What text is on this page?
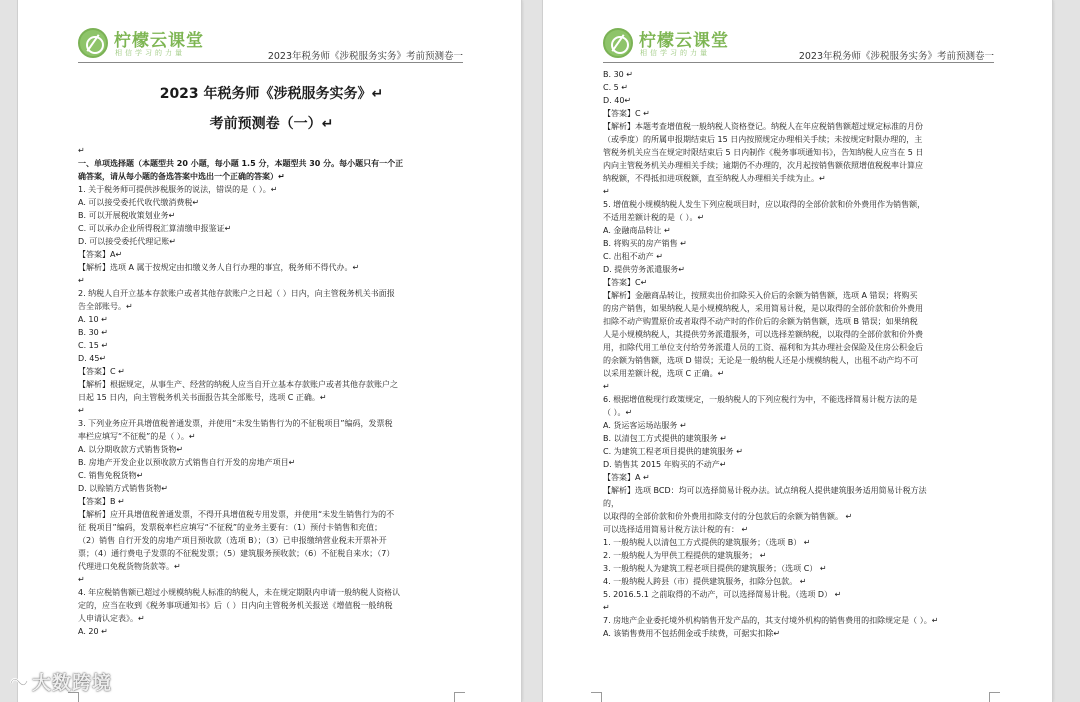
柠檬云课堂
相信学习的力量	2023年税务师《涉税服务实务》考前预测卷一
2023 年税务师《涉税服务实务》↵
考前预测卷（一）↵
↵
一、单项选择题（本题型共 20 小题，每小题 1.5 分，本题型共 30 分。每小题只有一个正
确答案，请从每小题的备选答案中选出一个正确的答案）↵
1. 关于税务师可提供涉税服务的说法，错误的是（ ）。↵
A. 可以接受委托代收代缴消费税↵
B. 可以开展税收策划业务↵
C. 可以承办企业所得税汇算清缴申报鉴证↵
D. 可以接受委托代理记账↵
【答案】A↵
【解析】选项 A 属于按规定由扣缴义务人自行办理的事宜，税务师不得代办。↵
↵
2. 纳税人自开立基本存款账户或者其他存款账户之日起（ ）日内，向主管税务机关书面报
告全部账号。↵
A. 10 ↵
B. 30 ↵
C. 15 ↵
D. 45↵
【答案】C ↵
【解析】根据规定，从事生产、经营的纳税人应当自开立基本存款账户或者其他存款账户之
日起 15 日内，向主管税务机关书面报告其全部账号，选项 C 正确。↵
↵
3. 下列业务应开具增值税普通发票，并使用“未发生销售行为的不征税项目”编码，发票税
率栏应填写“不征税”的是（ ）。↵
A. 以分期收款方式销售货物↵
B. 房地产开发企业以预收款方式销售自行开发的房地产项目↵
C. 销售免税货物↵
D. 以赊销方式销售货物↵
【答案】B ↵
【解析】应开具增值税普通发票，不得开具增值税专用发票，并使用“未发生销售行为的不
征 税项目”编码，发票税率栏应填写“不征税”的业务主要有：（1）预付卡销售和充值；
（2）销售 自行开发的房地产项目预收款（选项 B）；（3）已申报缴纳营业税未开票补开
票；（4）通行费电子发票的不征税发票；（5）建筑服务预收款；（6）不征税自来水；（7）
代理进口免税货物货款等。↵
↵
4. 年应税销售额已超过小规模纳税人标准的纳税人，未在规定期限内申请一般纳税人资格认
定的，应当在收到《税务事项通知书》后（ ）日内向主管税务机关报送《增值税一般纳税
人申请认定表》。↵
A. 20 ↵
柠檬云课堂
相信学习的力量	2023年税务师《涉税服务实务》考前预测卷一
B. 30 ↵
C. 5 ↵
D. 40↵
【答案】C ↵
【解析】本题考查增值税一般纳税人资格登记。纳税人在年应税销售额超过规定标准的月份
（或季度）的所属申报期结束后 15 日内按照规定办理相关手续；未按规定时限办理的，主
管税务机关应当在规定时限结束后 5 日内制作《税务事项通知书》，告知纳税人应当在 5 日
内向主管税务机关办理相关手续；逾期仍不办理的，次月起按销售额依照增值税税率计算应
纳税额，不得抵扣进项税额，直至纳税人办理相关手续为止。↵
↵
5. 增值税小规模纳税人发生下列应税项目时，应以取得的全部价款和价外费用作为销售额，
不适用差额计税的是（ ）。↵
A. 金融商品转让 ↵
B. 将购买的房产销售 ↵
C. 出租不动产 ↵
D. 提供劳务派遣服务↵
【答案】C↵
【解析】金融商品转让，按照卖出价扣除买入价后的余额为销售额，选项 A 错误；将购买
的房产销售，如果纳税人是小规模纳税人，采用简易计税，是以取得的全部价款和价外费用
扣除不动产购置原价或者取得不动产时的作价后的余额为销售额，选项 B 错误；如果纳税
人是小规模纳税人，其提供劳务派遣服务，可以选择差额纳税，以取得的全部价款和价外费
用，扣除代用工单位支付给劳务派遣人员的工资、福利和为其办理社会保险及住房公积金后
的余额为销售额，选项 D 错误；无论是一般纳税人还是小规模纳税人，出租不动产均不可
以采用差额计税，选项 C 正确。↵
↵
6. 根据增值税现行政策规定，一般纳税人的下列应税行为中，不能选择简易计税方法的是
（ ）。↵
A. 货运客运场站服务 ↵
B. 以清包工方式提供的建筑服务 ↵
C. 为建筑工程老项目提供的建筑服务 ↵
D. 销售其 2015 年购买的不动产↵
【答案】A ↵
【解析】选项 BCD：均可以选择简易计税办法。试点纳税人提供建筑服务适用简易计税方法
的，
以取得的全部价款和价外费用扣除支付的分包款后的余额为销售额。 ↵
可以选择适用简易计税方法计税的有： ↵
1. 一般纳税人以清包工方式提供的建筑服务；（选项 B） ↵
2. 一般纳税人为甲供工程提供的建筑服务； ↵
3. 一般纳税人为建筑工程老项目提供的建筑服务；（选项 C） ↵
4. 一般纳税人跨县（市）提供建筑服务，扣除分包款。 ↵
5. 2016.5.1 之前取得的不动产，可以选择简易计税。（选项 D） ↵
↵
7. 房地产企业委托境外机构销售开发产品的，其支付境外机构的销售费用的扣除规定是（ ）。↵
A. 该销售费用不包括佣金或手续费，可据实扣除↵
大数跨境
